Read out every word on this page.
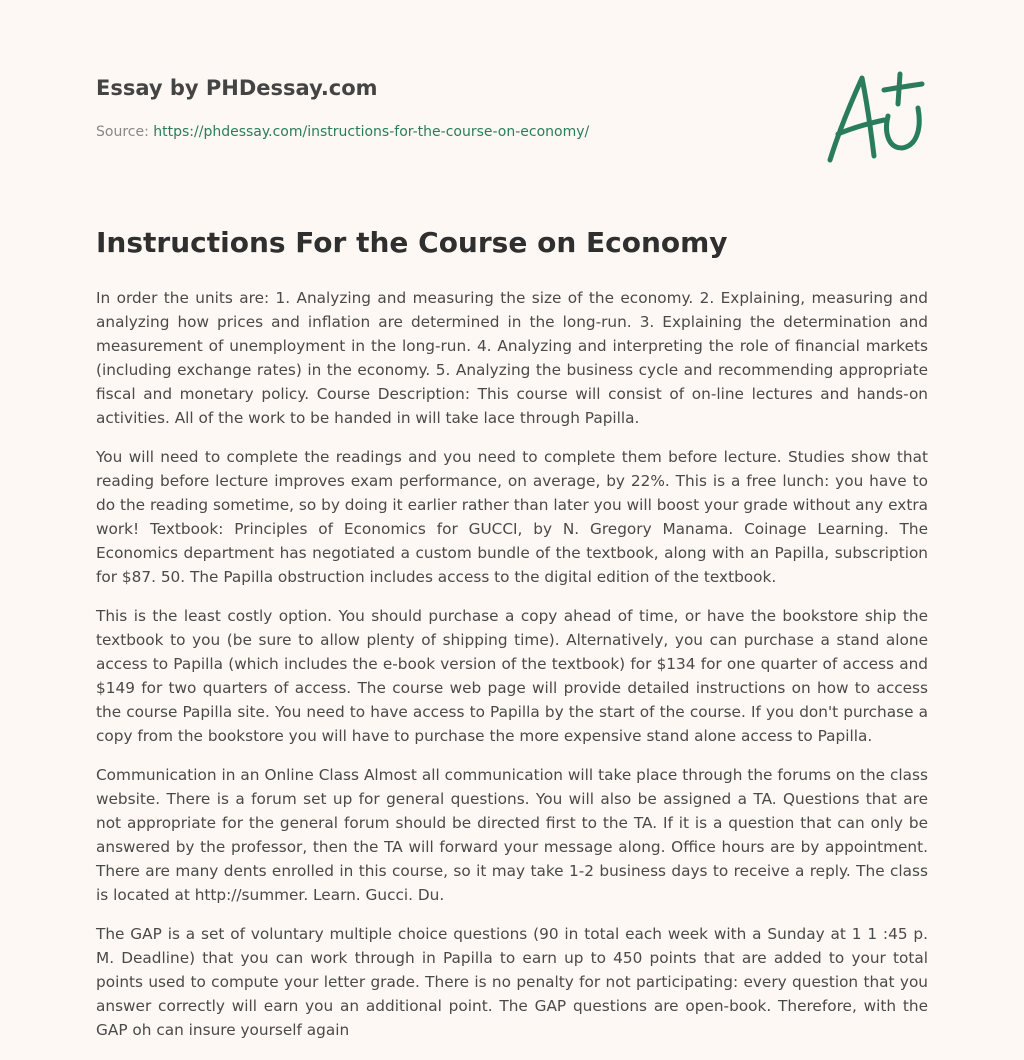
Essay by PHDessay.com
Source: https://phdessay.com/instructions-for-the-course-on-economy/
Instructions For the Course on Economy

In order the units are: 1. Analyzing and measuring the size of the economy. 2. Explaining, measuring and analyzing how prices and inflation are determined in the long-run. 3. Explaining the determination and measurement of unemployment in the long-run. 4. Analyzing and interpreting the role of financial markets (including exchange rates) in the economy. 5. Analyzing the business cycle and recommending appropriate fiscal and monetary policy. Course Description: This course will consist of on-line lectures and hands-on activities. All of the work to be handed in will take lace through Papilla.

You will need to complete the readings and you need to complete them before lecture. Studies show that reading before lecture improves exam performance, on average, by 22%. This is a free lunch: you have to do the reading sometime, so by doing it earlier rather than later you will boost your grade without any extra work! Textbook: Principles of Economics for GUCCI, by N. Gregory Manama. Coinage Learning. The Economics department has negotiated a custom bundle of the textbook, along with an Papilla, subscription for $87. 50. The Papilla obstruction includes access to the digital edition of the textbook.

This is the least costly option. You should purchase a copy ahead of time, or have the bookstore ship the textbook to you (be sure to allow plenty of shipping time). Alternatively, you can purchase a stand alone access to Papilla (which includes the e-book version of the textbook) for $134 for one quarter of access and $149 for two quarters of access. The course web page will provide detailed instructions on how to access the course Papilla site. You need to have access to Papilla by the start of the course. If you don't purchase a copy from the bookstore you will have to purchase the more expensive stand alone access to Papilla.

Communication in an Online Class Almost all communication will take place through the forums on the class website. There is a forum set up for general questions. You will also be assigned a TA. Questions that are not appropriate for the general forum should be directed first to the TA. If it is a question that can only be answered by the professor, then the TA will forward your message along. Office hours are by appointment. There are many dents enrolled in this course, so it may take 1-2 business days to receive a reply. The class is located at http://summer. Learn. Gucci. Du.

The GAP is a set of voluntary multiple choice questions (90 in total each week with a Sunday at 1 1 :45 p. M. Deadline) that you can work through in Papilla to earn up to 450 points that are added to your total points used to compute your letter grade. There is no penalty for not participating: every question that you answer correctly will earn you an additional point. The GAP questions are open-book. Therefore, with the GAP oh can insure yourself again
